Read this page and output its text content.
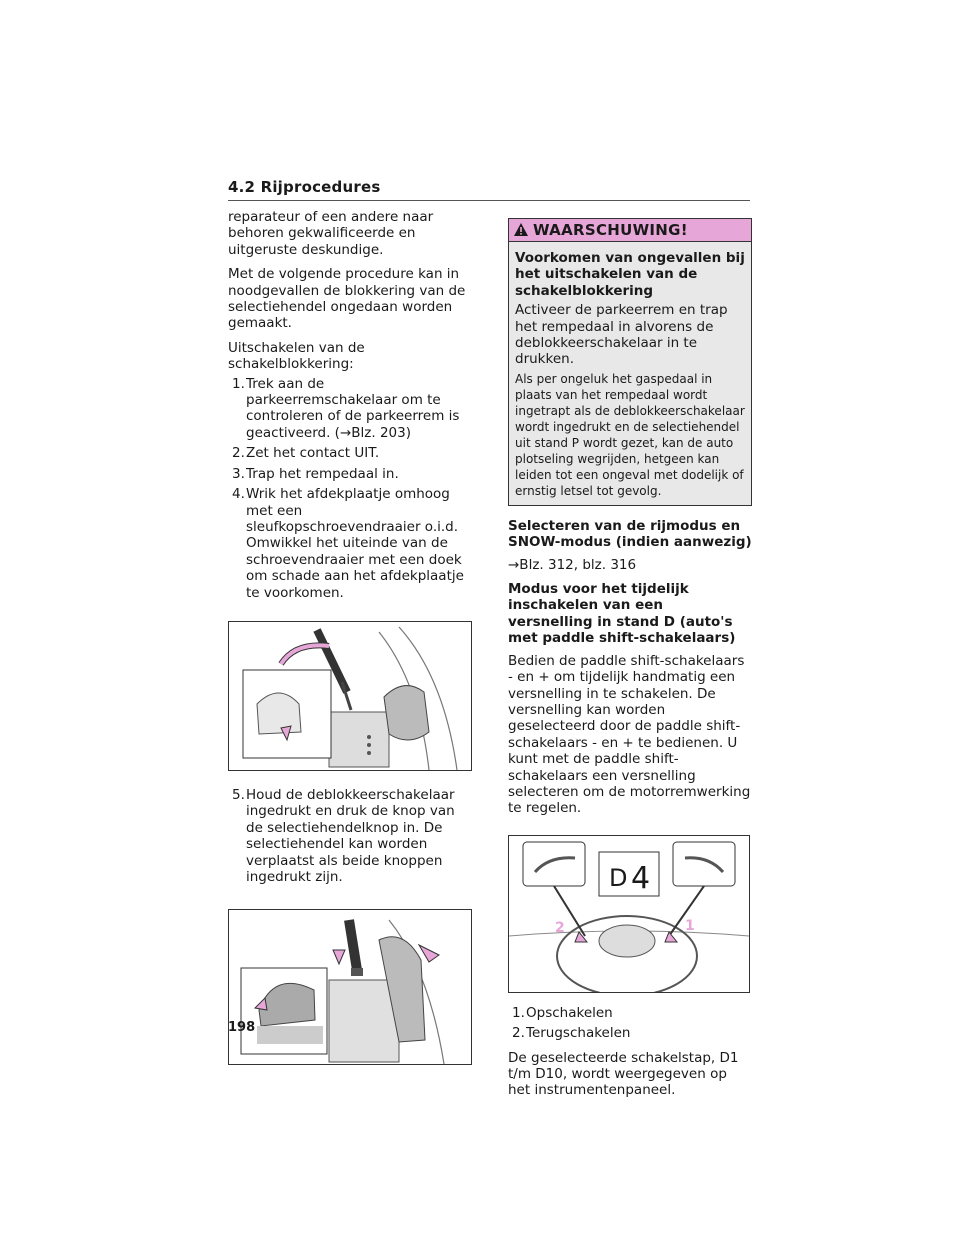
4.2 Rijprocedures

reparateur of een andere naar behoren gekwalificeerde en uitgeruste deskundige.

Met de volgende procedure kan in noodgevallen de blokkering van de selectiehendel ongedaan worden gemaakt.

Uitschakelen van de schakelblokkering:

1. Trek aan de parkeerremschakelaar om te controleren of de parkeerrem is geactiveerd. (→Blz. 203)
2. Zet het contact UIT.
3. Trap het rempedaal in.
4. Wrik het afdekplaatje omhoog met een sleufkopschroevendraaier o.i.d. Omwikkel het uiteinde van de schroevendraaier met een doek om schade aan het afdekplaatje te voorkomen.
5. Houd de deblokkeerschakelaar ingedrukt en druk de knop van de selectiehendelknop in. De selectiehendel kan worden verplaatst als beide knoppen ingedrukt zijn.
WAARSCHUWING!
Voorkomen van ongevallen bij het uitschakelen van de schakelblokkering
Activeer de parkeerrem en trap het rempedaal in alvorens de deblokkeerschakelaar in te drukken.
Als per ongeluk het gaspedaal in plaats van het rempedaal wordt ingetrapt als de deblokkeerschakelaar wordt ingedrukt en de selectiehendel uit stand P wordt gezet, kan de auto plotseling wegrijden, hetgeen kan leiden tot een ongeval met dodelijk of ernstig letsel tot gevolg.

Selecteren van de rijmodus en SNOW-modus (indien aanwezig)

→Blz. 312, blz. 316

Modus voor het tijdelijk inschakelen van een versnelling in stand D (auto's met paddle shift-schakelaars)

Bedien de paddle shift-schakelaars - en + om tijdelijk handmatig een versnelling in te schakelen. De versnelling kan worden geselecteerd door de paddle shift-schakelaars - en + te bedienen. U kunt met de paddle shift-schakelaars een versnelling selecteren om de motorremwerking te regelen.

D 4
2	1
1. Opschakelen
2. Terugschakelen

De geselecteerde schakelstap, D1 t/m D10, wordt weergegeven op het instrumentenpaneel.

198
